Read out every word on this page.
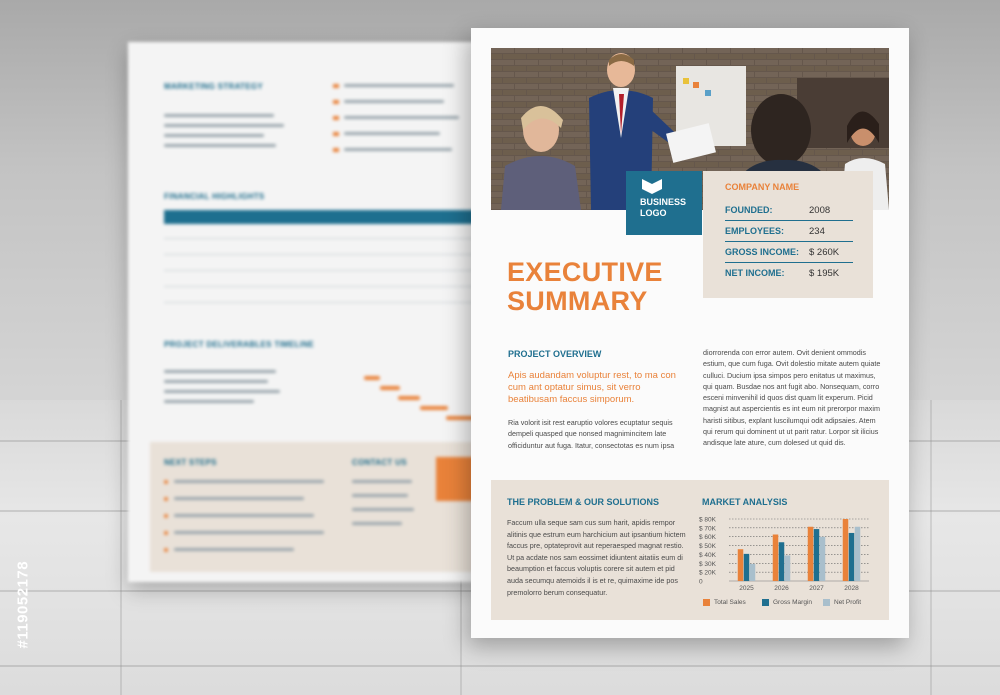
MARKETING STRATEGY
FINANCIAL HIGHLIGHTS
PROJECT DELIVERABLES TIMELINE
NEXT STEPS	CONTACT US
BUSINESS LOGO
COMPANY NAME
FOUNDED:	2008
EMPLOYEES:	234
GROSS INCOME: $ 260K
NET INCOME:	$ 195K
EXECUTIVE
SUMMARY
PROJECT OVERVIEW
Apis audandam voluptur rest, to ma con cum ant optatur simus, sit verro beatibusam faccus simporum.
Ria volorit isit rest earuptio volores ecuptatur sequis dempeli quasped que nonsed magnimincitem late officiduntur aut fuga. Itatur, consectotas es num ipsa
diorrorenda con error autem. Ovit denient ommodis estium, que cum fuga. Ovit dolestio mitate autem quiate culluci. Ducium ipsa simpos pero enitatus ut maximus, qui quam. Busdae nos ant fugit abo. Nonsequam, corro esceni minvenihil id quos dist quam lit experum. Picid magnist aut aspercientis es int eum nit prerorpor maxim haristi sitibus, explant luscilumqui odit adipsaies. Atem qui rerum qui dominent ut ut parit ratur. Lorpor sit ilicius andisque late ature, cum dolesed ut quid dis.
THE PROBLEM & OUR SOLUTIONS
Faccum ulla seque sam cus sum harit, apidis rempor alitinis que estrum eum harchicium aut ipsantium hictem faccus pre, optateprovit aut reperaesped magnat restio. Ut pa acdate nos sam eossimet idiuntent aitatiis eum di beaumption et faccus voluptis corere sit autem et pid auda secumqu atemoids il is et re, quimaxime ide pos premolorro berum consequatur.
MARKET ANALYSIS
$ 80K
$ 70K
$ 60K
$ 50K
$ 40K
$ 30K
$ 20K
0
2025	2026	2027	2028
Total Sales	Gross Margin	Net Profit
#119052178
